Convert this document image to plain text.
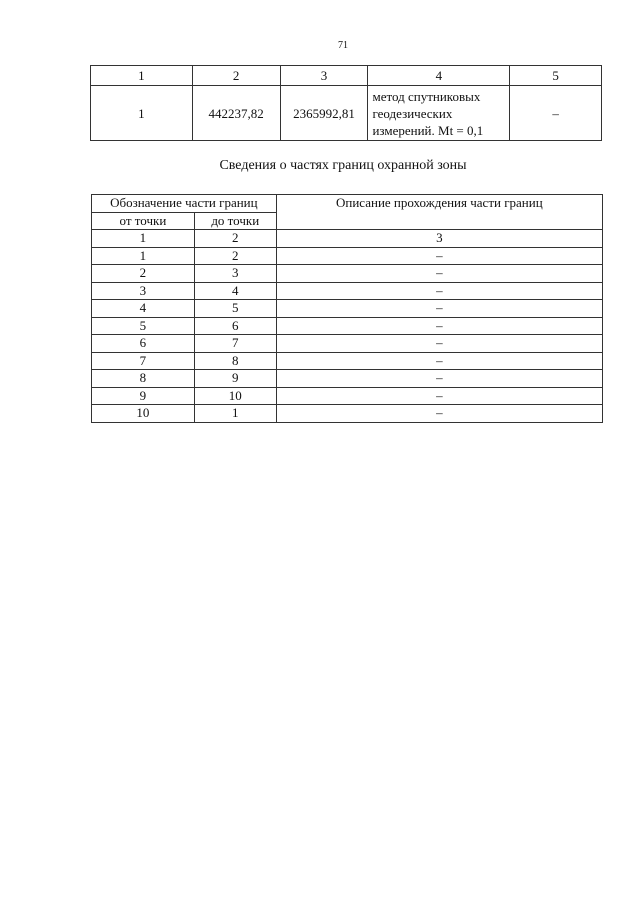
71
1	2	3	4	5
1	442237,82	2365992,81	метод спутниковых геодезических измерений. Mt = 0,1	–
Сведения о частях границ охранной зоны
Обозначение части границ		Описание прохождения части границ
от точки	до точки	
1	2	3
1	2	–
2	3	–
3	4	–
4	5	–
5	6	–
6	7	–
7	8	–
8	9	–
9	10	–
10	1	–
